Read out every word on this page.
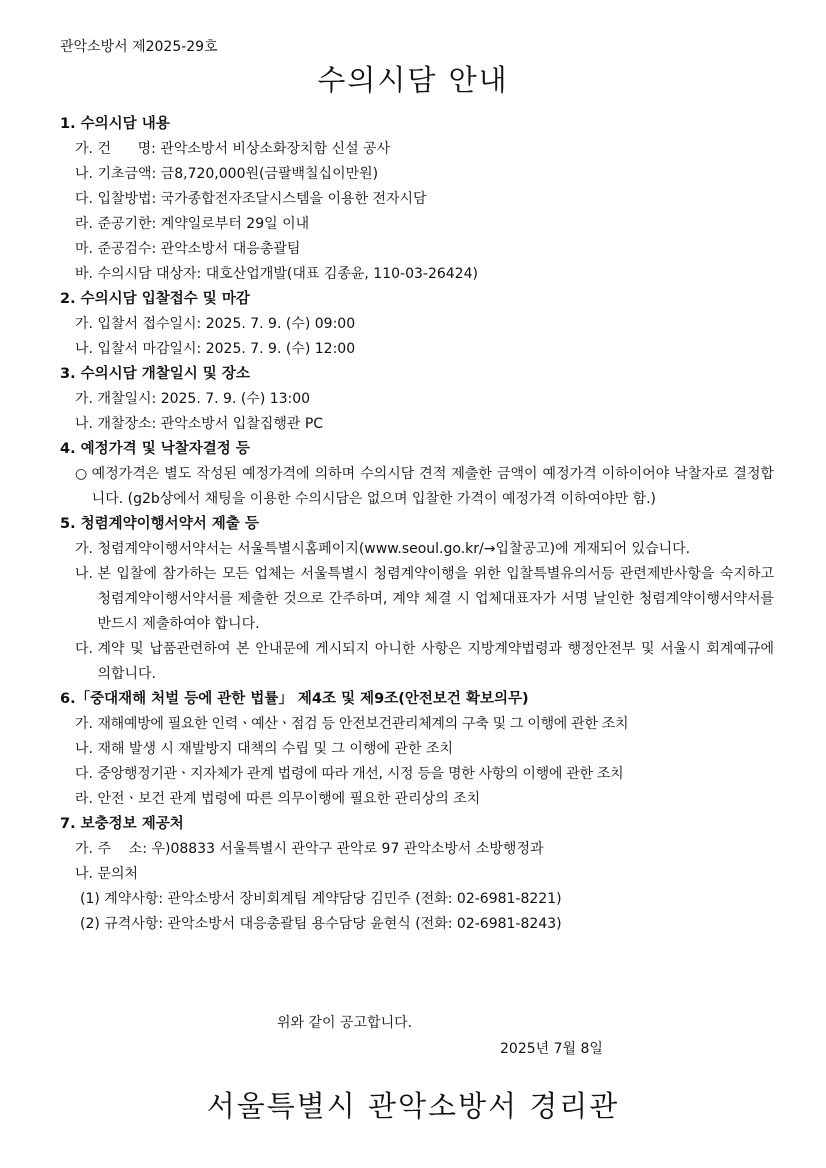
관악소방서 제2025-29호
수의시담 안내
1. 수의시담 내용
가. 건      명: 관악소방서 비상소화장치함 신설 공사
나. 기초금액: 금8,720,000원(금팔백칠십이만원)
다. 입찰방법: 국가종합전자조달시스템을 이용한 전자시담
라. 준공기한: 계약일로부터 29일 이내
마. 준공검수: 관악소방서 대응총괄팀
바. 수의시담 대상자: 대호산업개발(대표 김종윤, 110-03-26424)
2. 수의시담 입찰접수 및 마감
가. 입찰서 접수일시: 2025. 7. 9. (수) 09:00
나. 입찰서 마감일시: 2025. 7. 9. (수) 12:00
3. 수의시담 개찰일시 및 장소
가. 개찰일시: 2025. 7. 9. (수) 13:00
나. 개찰장소: 관악소방서 입찰집행관 PC
4. 예정가격 및 낙찰자결정 등
○ 예정가격은 별도 작성된 예정가격에 의하며 수의시담 견적 제출한 금액이 예정가격 이하이어야 낙찰자로 결정합니다. (g2b상에서 채팅을 이용한 수의시담은 없으며 입찰한 가격이 예정가격 이하여야만 함.)
5. 청렴계약이행서약서 제출 등
가. 청렴계약이행서약서는 서울특별시홈페이지(www.seoul.go.kr/→입찰공고)에 게재되어 있습니다.
나. 본 입찰에 참가하는 모든 업체는 서울특별시 청렴계약이행을 위한 입찰특별유의서등 관련제반사항을 숙지하고 청렴계약이행서약서를 제출한 것으로 간주하며, 계약 체결 시 업체대표자가 서명 날인한 청렴계약이행서약서를 반드시 제출하여야 합니다.
다. 계약 및 납품관련하여 본 안내문에 게시되지 아니한 사항은 지방계약법령과 행정안전부 및 서울시 회계예규에 의합니다.
6.「중대재해 처벌 등에 관한 법률」 제4조 및 제9조(안전보건 확보의무)
가. 재해예방에 필요한 인력ㆍ예산ㆍ점검 등 안전보건관리체계의 구축 및 그 이행에 관한 조치
나. 재해 발생 시 재발방지 대책의 수립 및 그 이행에 관한 조치
다. 중앙행정기관ㆍ지자체가 관계 법령에 따라 개선, 시정 등을 명한 사항의 이행에 관한 조치
라. 안전ㆍ보건 관계 법령에 따른 의무이행에 필요한 관리상의 조치
7. 보충정보 제공처
가. 주    소: 우)08833 서울특별시 관악구 관악로 97 관악소방서 소방행정과
나. 문의처
(1) 계약사항: 관악소방서 장비회계팀 계약담당 김민주 (전화: 02-6981-8221)
(2) 규격사항: 관악소방서 대응총괄팀 용수담당 윤현식 (전화: 02-6981-8243)
위와 같이 공고합니다.
2025년 7월 8일
서울특별시 관악소방서 경리관
